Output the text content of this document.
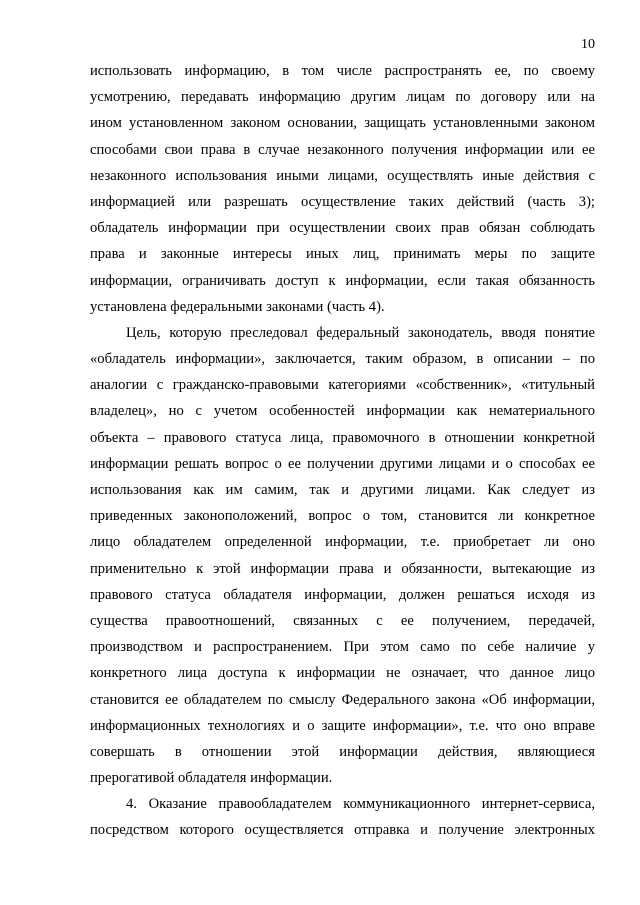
10
использовать информацию, в том числе распространять ее, по своему
усмотрению, передавать информацию другим лицам по договору или на
ином установленном законом основании, защищать установленными законом
способами свои права в случае незаконного получения информации или ее
незаконного использования иными лицами, осуществлять иные действия с
информацией или разрешать осуществление таких действий (часть 3);
обладатель информации при осуществлении своих прав обязан соблюдать
права и законные интересы иных лиц, принимать меры по защите
информации, ограничивать доступ к информации, если такая обязанность
установлена федеральными законами (часть 4).
Цель, которую преследовал федеральный законодатель, вводя понятие
«обладатель информации», заключается, таким образом, в описании – по
аналогии с гражданско-правовыми категориями «собственник», «титульный
владелец», но с учетом особенностей информации как нематериального
объекта – правового статуса лица, правомочного в отношении конкретной
информации решать вопрос о ее получении другими лицами и о способах ее
использования как им самим, так и другими лицами. Как следует из
приведенных законоположений, вопрос о том, становится ли конкретное
лицо обладателем определенной информации, т.е. приобретает ли оно
применительно к этой информации права и обязанности, вытекающие из
правового статуса обладателя информации, должен решаться исходя из
существа правоотношений, связанных с ее получением, передачей,
производством и распространением. При этом само по себе наличие у
конкретного лица доступа к информации не означает, что данное лицо
становится ее обладателем по смыслу Федерального закона «Об информации,
информационных технологиях и о защите информации», т.е. что оно вправе
совершать в отношении этой информации действия, являющиеся
прерогативой обладателя информации.
4. Оказание правообладателем коммуникационного интернет-сервиса,
посредством которого осуществляется отправка и получение электронных
